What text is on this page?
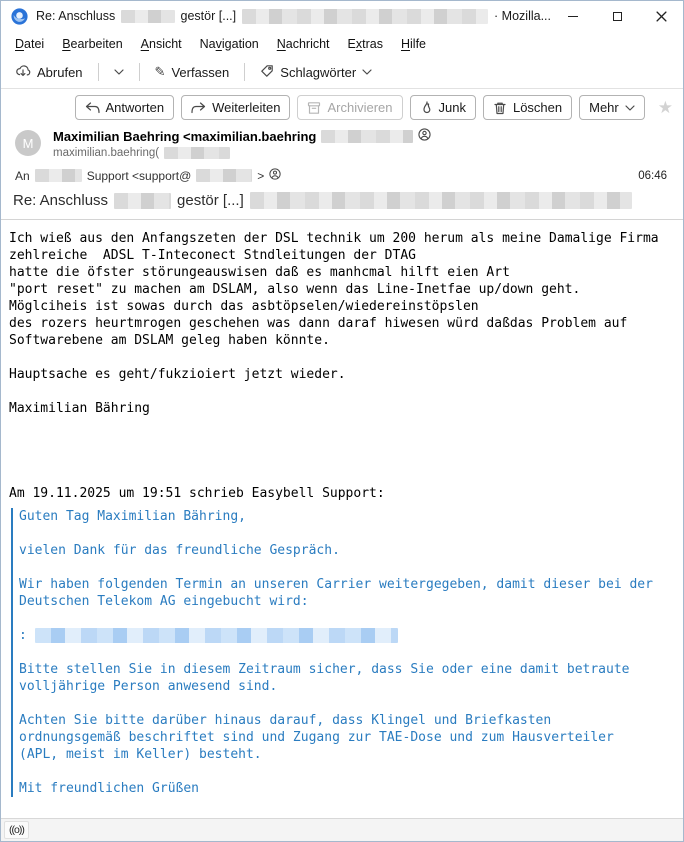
Re: Anschluss	gestör [...]	· Mozilla...
Datei	Bearbeiten	Ansicht	Navigation	Nachricht	Extras	Hilfe
Abrufen	✎ Verfassen	Schlagwörter
Antworten	Weiterleiten	Archivieren	Junk	Löschen Mehr ★
M	Maximilian Baehring <maximilian.baehring
maximilian.baehring(
An	Support <support@	>	06:46
Re: Anschluss	gestör [...]
Ich wieß aus den Anfangszeten der DSL technik um 200 herum als meine Damalige Firma
zehlreiche  ADSL T-Inteconect Stndleitungen der DTAG
hatte die öfster störungeauswisen daß es manhcmal hilft eien Art
"port reset" zu machen am DSLAM, also wenn das Line-Inetfae up/down geht.
Möglciheis ist sowas durch das asbtöpselen/wiedereinstöpslen
des rozers heurtmrogen geschehen was dann daraf hiwesen würd daßdas Problem auf
Softwarebene am DSLAM geleg haben könnte.

Hauptsache es geht/fukzioiert jetzt wieder.

Maximilian Bähring

Am 19.11.2025 um 19:51 schrieb Easybell Support:
Guten Tag Maximilian Bähring,

vielen Dank für das freundliche Gespräch.

Wir haben folgenden Termin an unseren Carrier weitergegeben, damit dieser bei der
Deutschen Telekom AG eingebucht wird:

:

Bitte stellen Sie in diesem Zeitraum sicher, dass Sie oder eine damit betraute
volljährige Person anwesend sind.

Achten Sie bitte darüber hinaus darauf, dass Klingel und Briefkasten
ordnungsgemäß beschriftet sind und Zugang zur TAE-Dose und zum Hausverteiler
(APL, meist im Keller) besteht.

Mit freundlichen Grüßen
((o))
